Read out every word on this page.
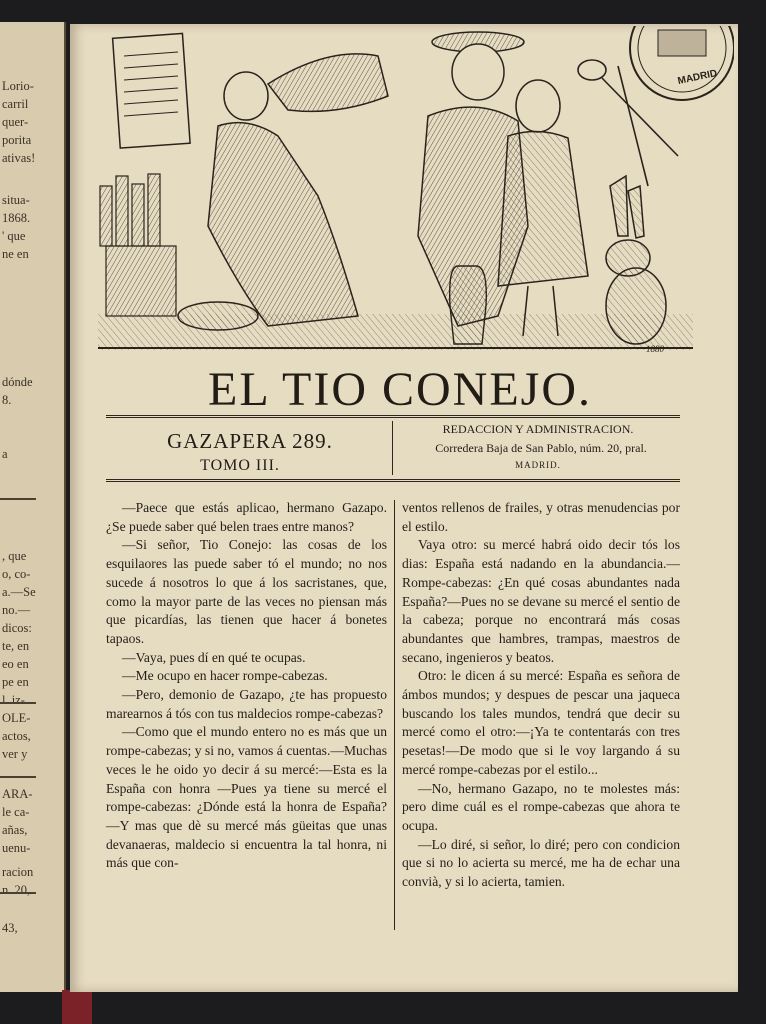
Lorio-
carril
quer-
porita
ativas!
situa-
1868.
' que
ne en
dónde
8.
a
, que
o, co-
a.—Se
no.—
dicos:
te, en
eo en
pe en
l. iz-
OLE-
actos,
ver y
ARA-
le ca-
añas,
uenu-
racion
n. 20,
43,
1880
MADRID
EL TIO CONEJO.
GAZAPERA 289.
TOMO III.
REDACCION Y ADMINISTRACION.
Corredera Baja de San Pablo, núm. 20, pral.
MADRID.

—Paece que estás aplicao, hermano Gazapo. ¿Se puede saber qué belen traes entre manos?

—Si señor, Tio Conejo: las cosas de los esquilaores las puede saber tó el mundo; no nos sucede á nosotros lo que á los sacristanes, que, como la mayor parte de las veces no piensan más que picardías, las tienen que hacer á bonetes tapaos.

—Vaya, pues dí en qué te ocupas.

—Me ocupo en hacer rompe-cabezas.

—Pero, demonio de Gazapo, ¿te has propuesto marearnos á tós con tus maldecios rompe-cabezas?

—Como que el mundo entero no es más que un rompe-cabezas; y si no, vamos á cuentas.—Muchas veces le he oido yo decir á su mercé:—Esta es la España con honra —Pues ya tiene su mercé el rompe-cabezas: ¿Dónde está la honra de España?—Y mas que dè su mercé más güeitas que unas devanaeras, maldecio si encuentra la tal honra, ni más que con-

ventos rellenos de frailes, y otras menudencias por el estilo.

Vaya otro: su mercé habrá oido decir tós los dias: España está nadando en la abundancia.—Rompe-cabezas: ¿En qué cosas abundantes nada España?—Pues no se devane su mercé el sentio de la cabeza; porque no encontrará más cosas abundantes que hambres, trampas, maestros de secano, ingenieros y beatos.

Otro: le dicen á su mercé: España es señora de ámbos mundos; y despues de pescar una jaqueca buscando los tales mundos, tendrá que decir su mercé como el otro:—¡Ya te contentarás con tres pesetas!—De modo que si le voy largando á su mercé rompe-cabezas por el estilo...

—No, hermano Gazapo, no te molestes más: pero dime cuál es el rompe-cabezas que ahora te ocupa.

—Lo diré, si señor, lo diré; pero con condicion que si no lo acierta su mercé, me ha de echar una convià, y si lo acierta, tamien.
